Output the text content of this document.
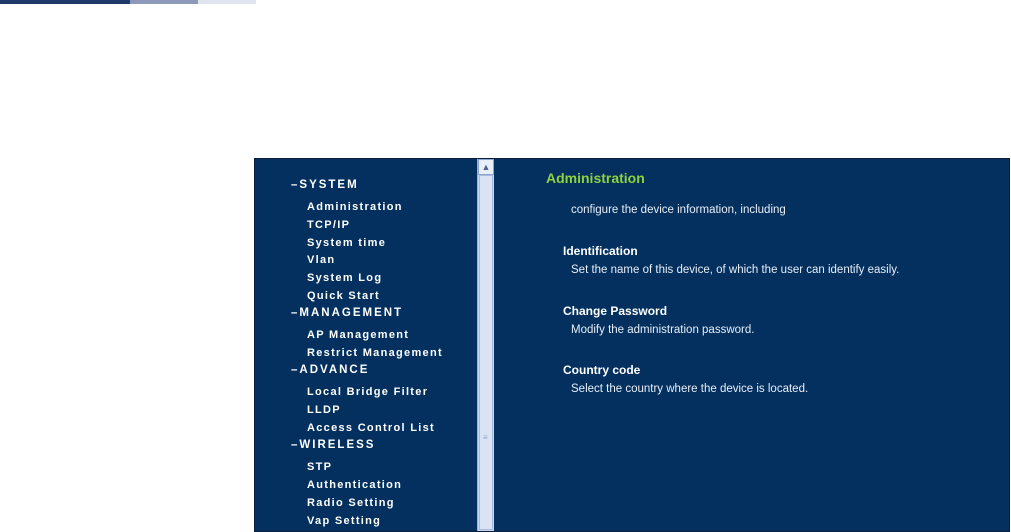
–SYSTEM
Administration
TCP/IP
System time
Vlan
System Log
Quick Start
–MANAGEMENT
AP Management
Restrict Management
–ADVANCE
Local Bridge Filter
LLDP
Access Control List
–WIRELESS
STP
Authentication
Radio Setting
Vap Setting
▲
≡
Administration
configure the device information, including
Identification
Set the name of this device, of which the user can identify easily.
Change Password
Modify the administration password.
Country code
Select the country where the device is located.
